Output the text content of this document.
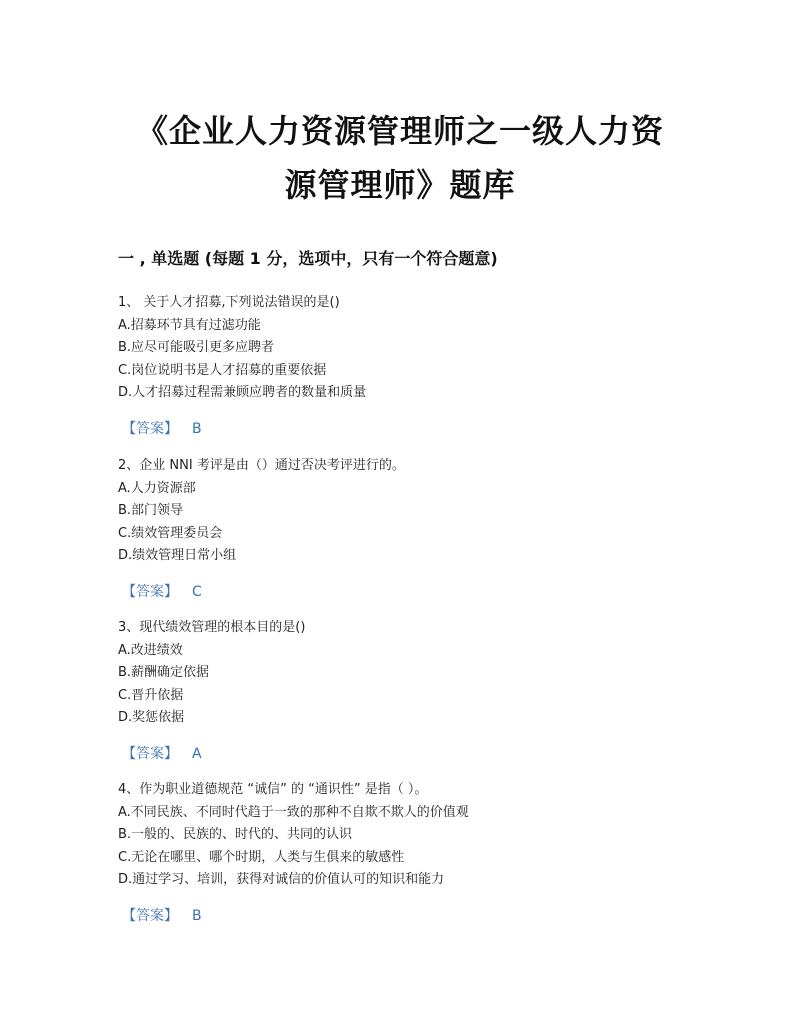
《企业人力资源管理师之一级人力资
源管理师》题库
一 , 单选题 (每题 1 分，选项中，只有一个符合题意)
1、 关于人才招募,下列说法错误的是()
A.招募环节具有过滤功能
B.应尽可能吸引更多应聘者
C.岗位说明书是人才招募的重要依据
D.人才招募过程需兼顾应聘者的数量和质量
【答案】 B
2、企业 NNI 考评是由（）通过否决考评进行的。
A.人力资源部
B.部门领导
C.绩效管理委员会
D.绩效管理日常小组
【答案】 C
3、现代绩效管理的根本目的是()
A.改进绩效
B.薪酬确定依据
C.晋升依据
D.奖惩依据
【答案】 A
4、作为职业道德规范 “诚信” 的 “通识性” 是指（ ）。
A.不同民族、不同时代趋于一致的那种不自欺不欺人的价值观
B.一般的、民族的、时代的、共同的认识
C.无论在哪里、哪个时期，人类与生俱来的敏感性
D.通过学习、培训，获得对诚信的价值认可的知识和能力
【答案】 B
